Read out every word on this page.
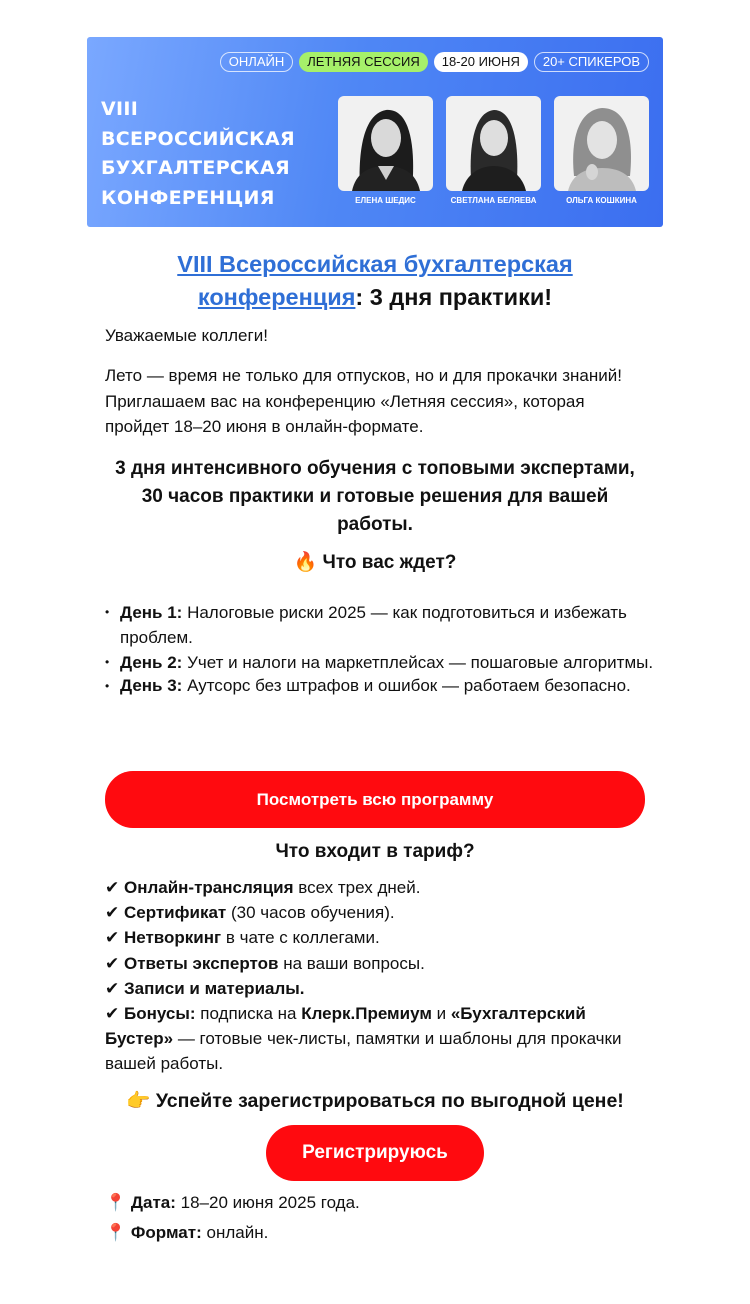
ОНЛАЙН	ЛЕТНЯЯ СЕССИЯ	18-20 ИЮНЯ	20+ СПИКЕРОВ
VIII
ВСЕРОССИЙСКАЯ
БУХГАЛТЕРСКАЯ
КОНФЕРЕНЦИЯ	ЕЛЕНА ШЕДИС	СВЕТЛАНА БЕЛЯЕВА	ОЛЬГА КОШКИНА
VIII Всероссийская бухгалтерская конференция: 3 дня практики!
Уважаемые коллеги!
Лето — время не только для отпусков, но и для прокачки знаний! Приглашаем вас на конференцию «Летняя сессия», которая пройдет 18–20 июня в онлайн-формате.
3 дня интенсивного обучения с топовыми экспертами, 30 часов практики и готовые решения для вашей работы.
🔥 Что вас ждет?
• День 1: Налоговые риски 2025 — как подготовиться и избежать проблем.
• День 2: Учет и налоги на маркетплейсах — пошаговые алгоритмы.
• День 3: Аутсорс без штрафов и ошибок — работаем безопасно.
Посмотреть всю программу
Что входит в тариф?
✔ Онлайн-трансляция всех трех дней.
✔ Сертификат (30 часов обучения).
✔ Нетворкинг в чате с коллегами.
✔ Ответы экспертов на ваши вопросы.
✔ Записи и материалы.
✔ Бонусы: подписка на Клерк.Премиум и «Бухгалтерский Бустер» — готовые чек-листы, памятки и шаблоны для прокачки вашей работы.
👉 Успейте зарегистрироваться по выгодной цене!
Регистрируюсь
📍 Дата: 18–20 июня 2025 года.
📍 Формат: онлайн.
